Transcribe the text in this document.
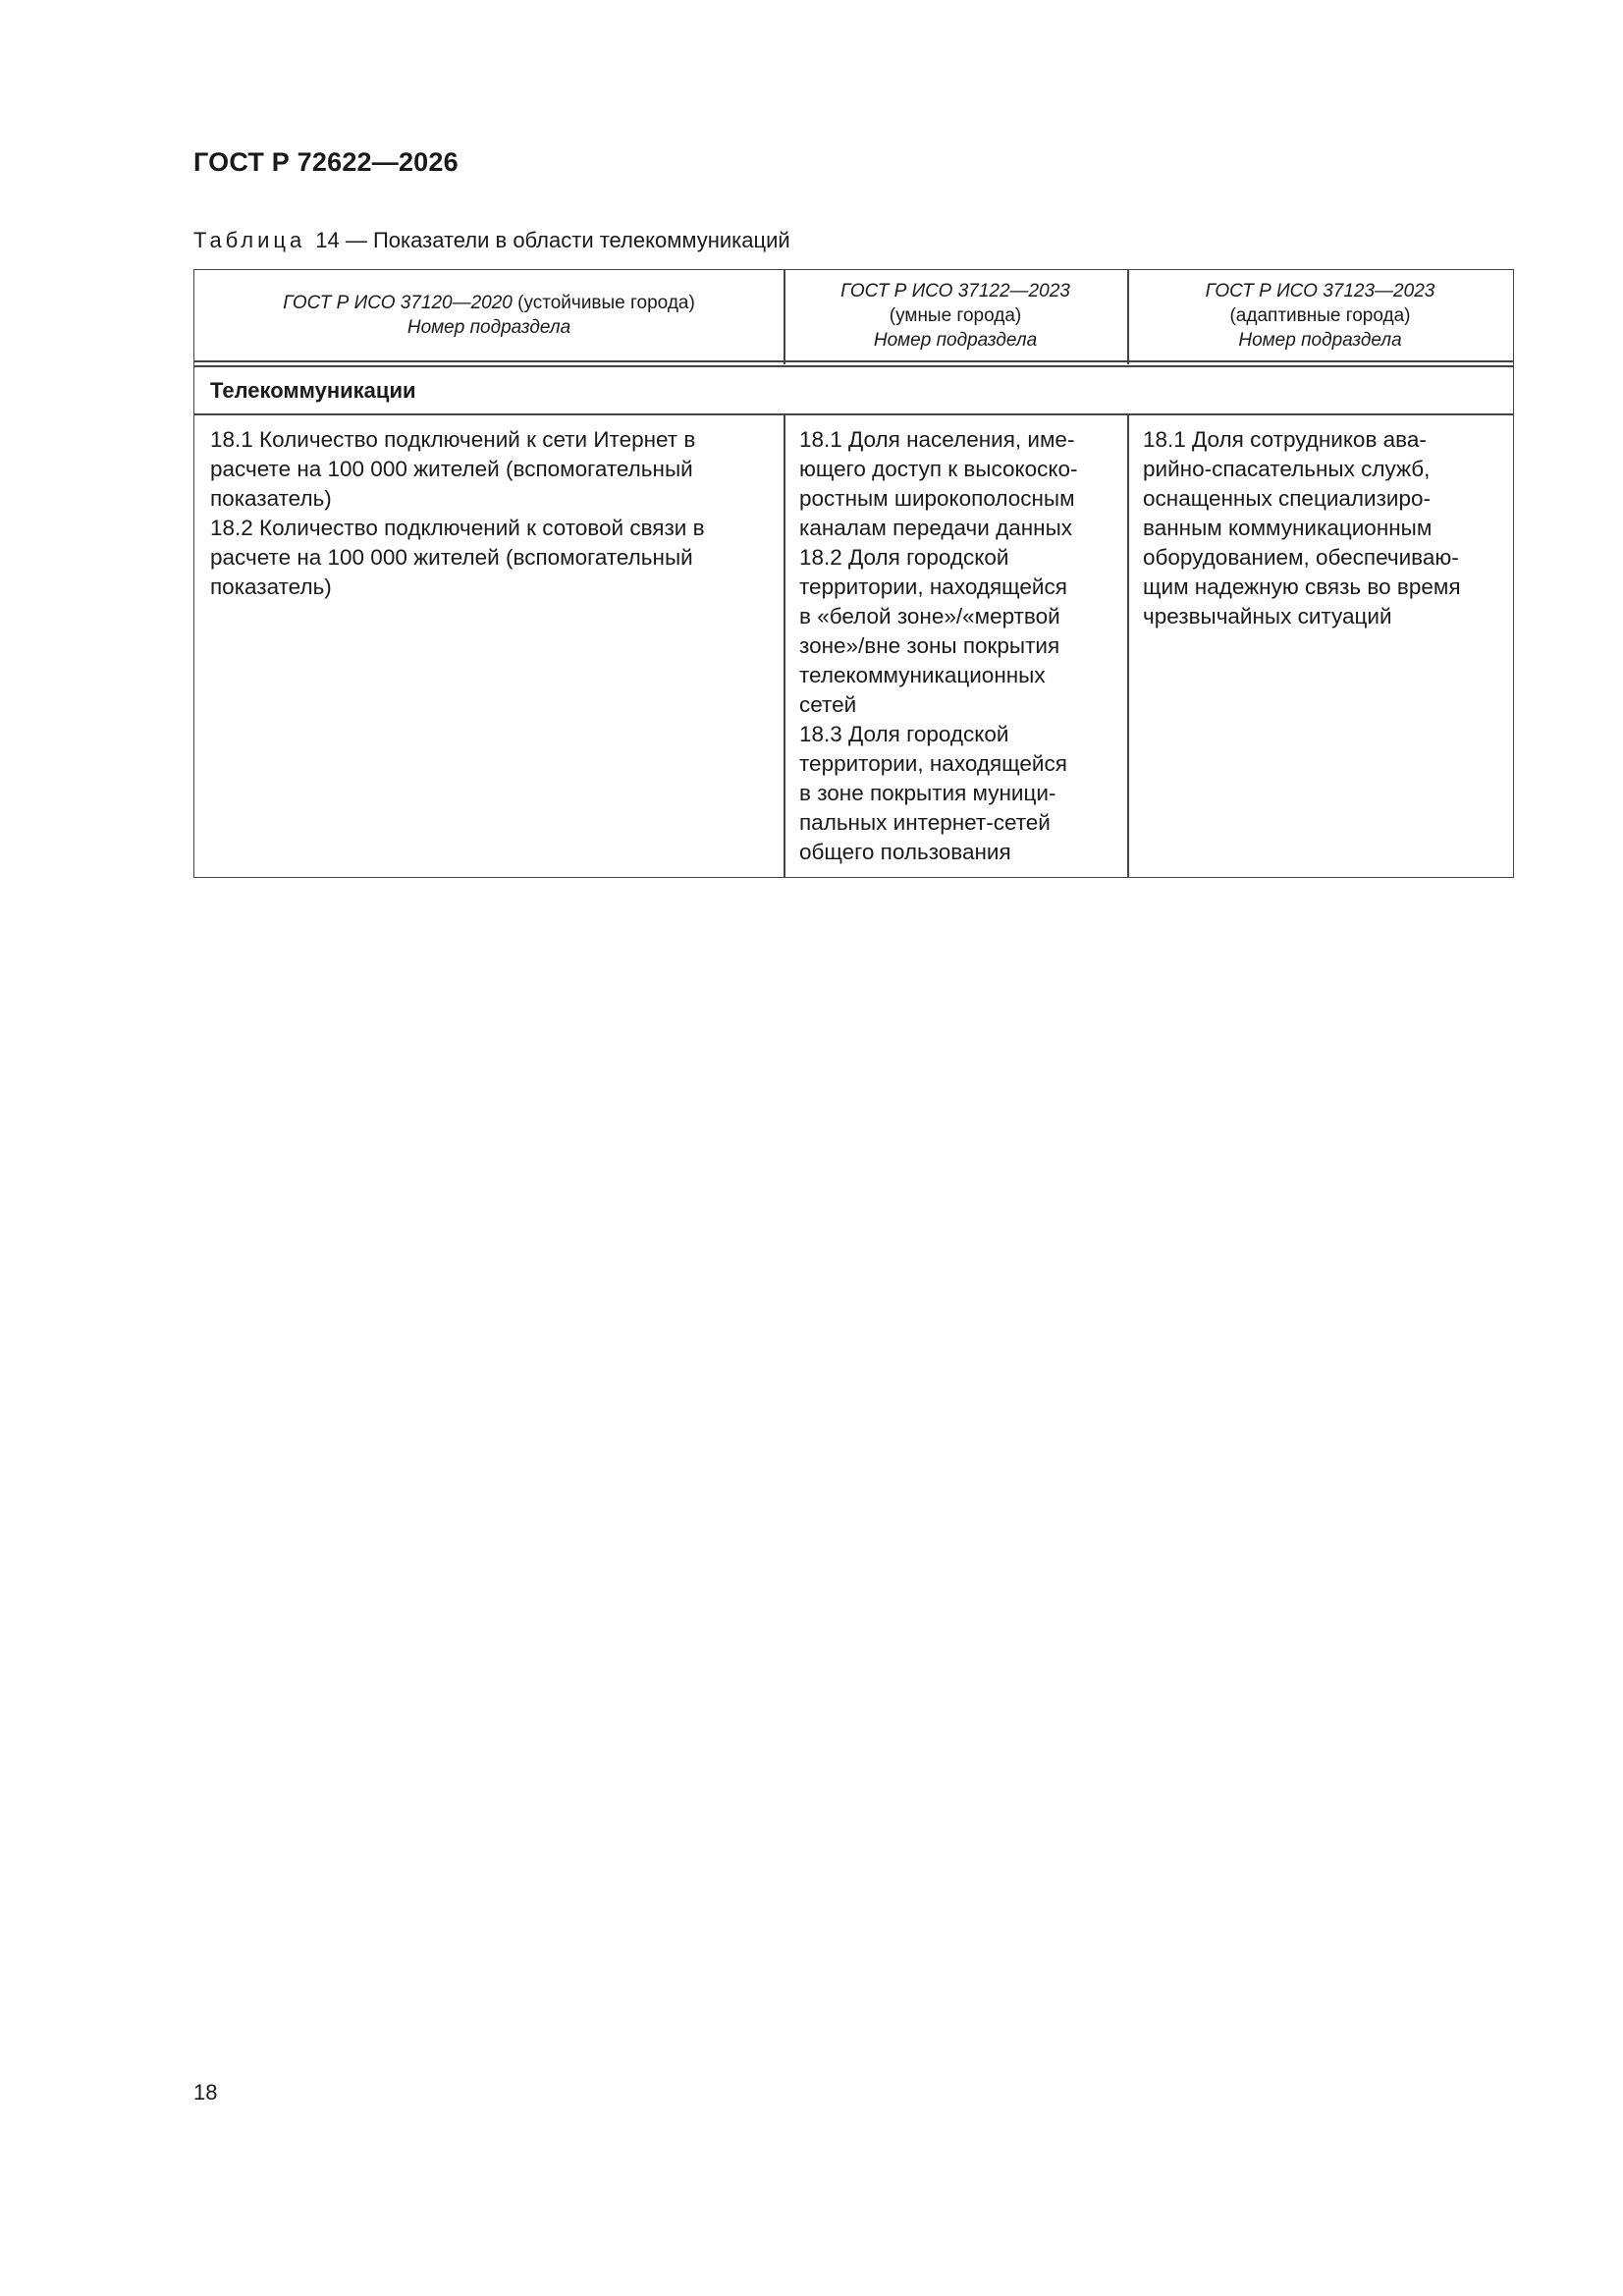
ГОСТ Р 72622—2026
Таблица 14 — Показатели в области телекоммуникаций
ГОСТ Р ИСО 37120—2020 (устойчивые города)
Номер подраздела
ГОСТ Р ИСО 37122—2023
(умные города)
Номер подраздела
ГОСТ Р ИСО 37123—2023
(адаптивные города)
Номер подраздела
Телекоммуникации
18.1 Количество подключений к сети Итернет в
расчете на 100 000 жителей (вспомогательный
показатель)
18.2 Количество подключений к сотовой связи в
расчете на 100 000 жителей (вспомогательный
показатель)
18.1 Доля населения, име-
ющего доступ к высокоско-
ростным широкополосным
каналам передачи данных
18.2 Доля городской
территории, находящейся
в «белой зоне»/«мертвой
зоне»/вне зоны покрытия
телекоммуникационных
сетей
18.3 Доля городской
территории, находящейся
в зоне покрытия муници-
пальных интернет-сетей
общего пользования
18.1 Доля сотрудников ава-
рийно-спасательных служб,
оснащенных специализиро-
ванным коммуникационным
оборудованием, обеспечиваю-
щим надежную связь во время
чрезвычайных ситуаций
18
